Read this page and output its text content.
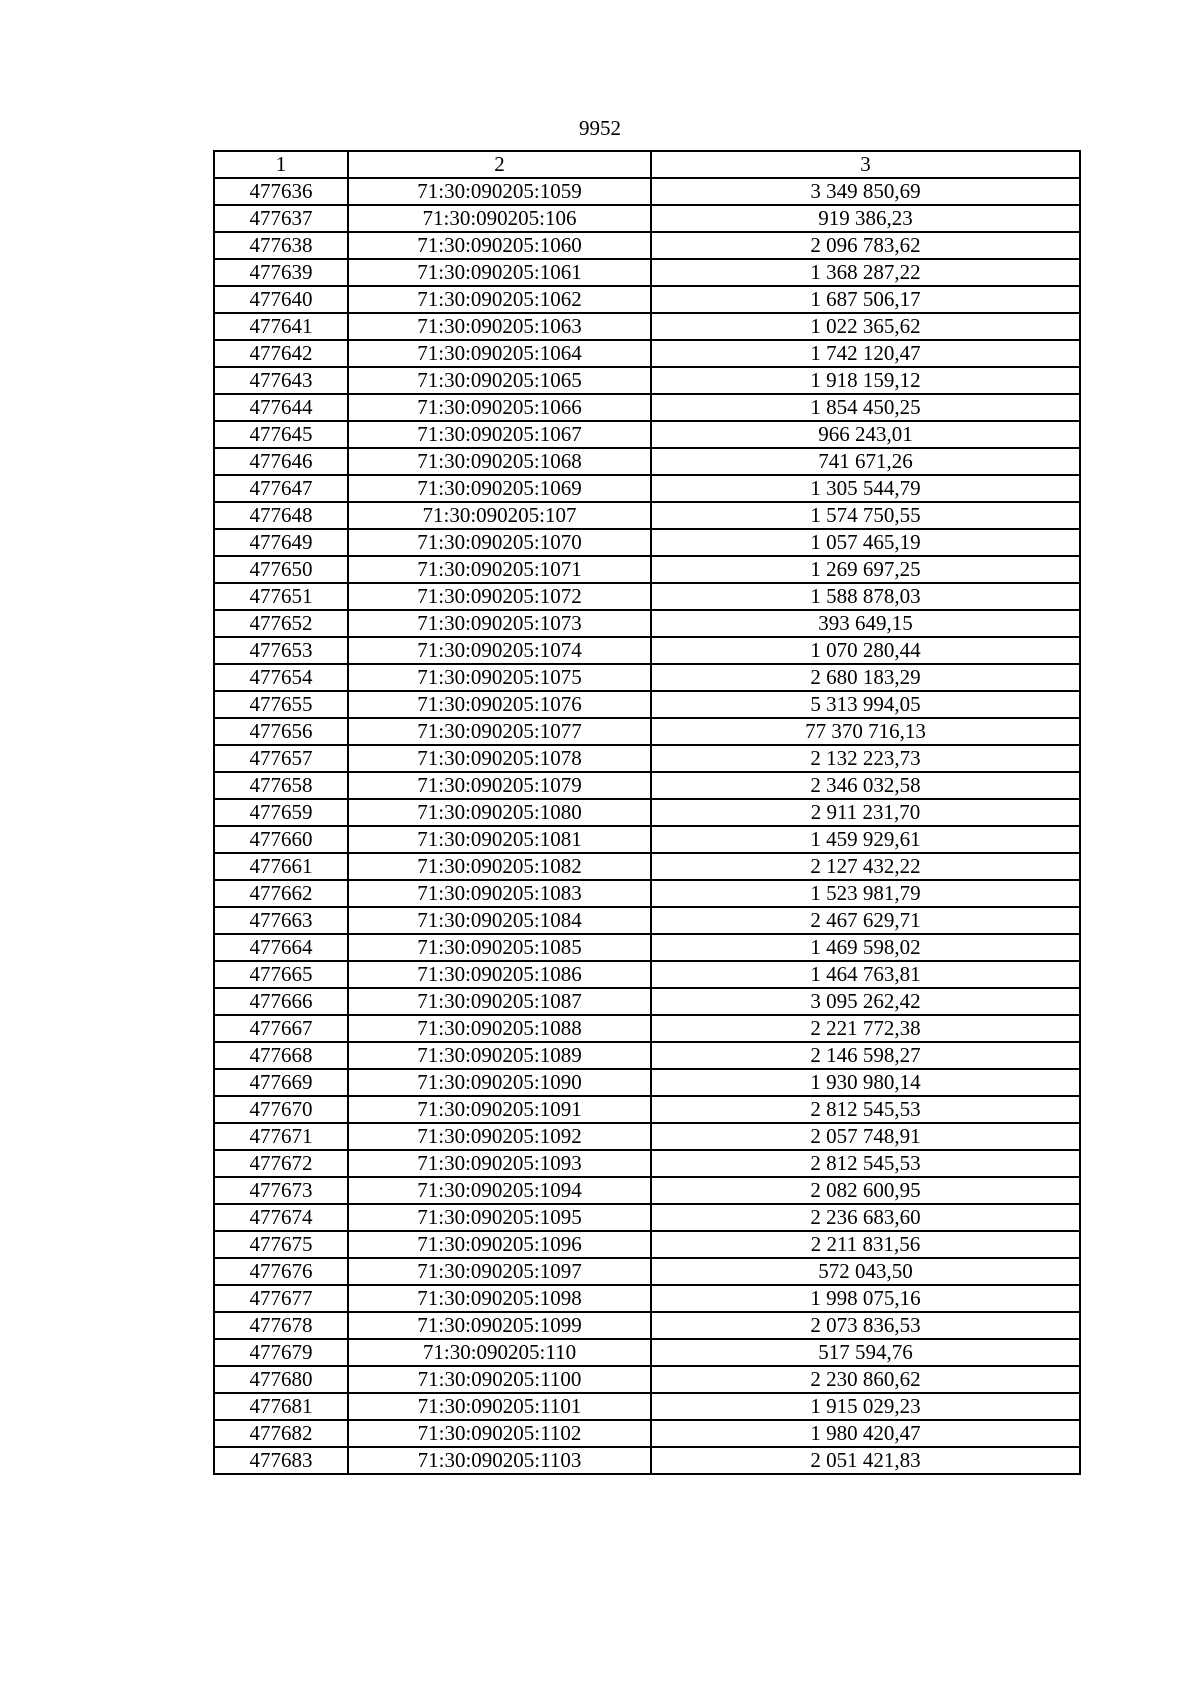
9952
1	2	3
477636	71:30:090205:1059	3 349 850,69
477637	71:30:090205:106	919 386,23
477638	71:30:090205:1060	2 096 783,62
477639	71:30:090205:1061	1 368 287,22
477640	71:30:090205:1062	1 687 506,17
477641	71:30:090205:1063	1 022 365,62
477642	71:30:090205:1064	1 742 120,47
477643	71:30:090205:1065	1 918 159,12
477644	71:30:090205:1066	1 854 450,25
477645	71:30:090205:1067	966 243,01
477646	71:30:090205:1068	741 671,26
477647	71:30:090205:1069	1 305 544,79
477648	71:30:090205:107	1 574 750,55
477649	71:30:090205:1070	1 057 465,19
477650	71:30:090205:1071	1 269 697,25
477651	71:30:090205:1072	1 588 878,03
477652	71:30:090205:1073	393 649,15
477653	71:30:090205:1074	1 070 280,44
477654	71:30:090205:1075	2 680 183,29
477655	71:30:090205:1076	5 313 994,05
477656	71:30:090205:1077	77 370 716,13
477657	71:30:090205:1078	2 132 223,73
477658	71:30:090205:1079	2 346 032,58
477659	71:30:090205:1080	2 911 231,70
477660	71:30:090205:1081	1 459 929,61
477661	71:30:090205:1082	2 127 432,22
477662	71:30:090205:1083	1 523 981,79
477663	71:30:090205:1084	2 467 629,71
477664	71:30:090205:1085	1 469 598,02
477665	71:30:090205:1086	1 464 763,81
477666	71:30:090205:1087	3 095 262,42
477667	71:30:090205:1088	2 221 772,38
477668	71:30:090205:1089	2 146 598,27
477669	71:30:090205:1090	1 930 980,14
477670	71:30:090205:1091	2 812 545,53
477671	71:30:090205:1092	2 057 748,91
477672	71:30:090205:1093	2 812 545,53
477673	71:30:090205:1094	2 082 600,95
477674	71:30:090205:1095	2 236 683,60
477675	71:30:090205:1096	2 211 831,56
477676	71:30:090205:1097	572 043,50
477677	71:30:090205:1098	1 998 075,16
477678	71:30:090205:1099	2 073 836,53
477679	71:30:090205:110	517 594,76
477680	71:30:090205:1100	2 230 860,62
477681	71:30:090205:1101	1 915 029,23
477682	71:30:090205:1102	1 980 420,47
477683	71:30:090205:1103	2 051 421,83
